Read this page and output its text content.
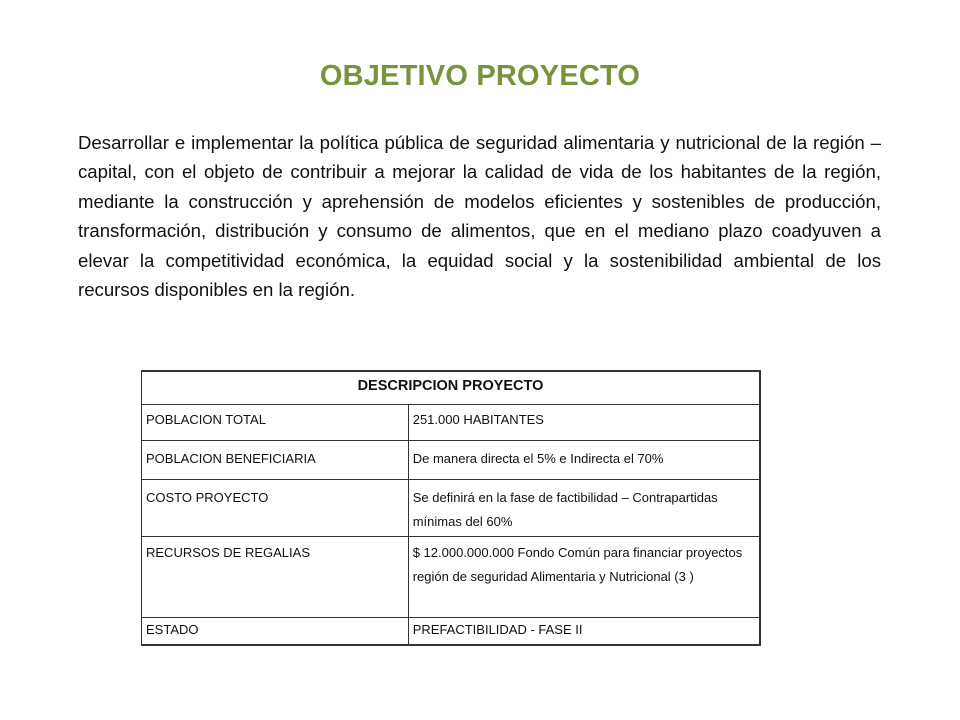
OBJETIVO PROYECTO

Desarrollar e implementar la política pública de seguridad alimentaria y nutricional de la región – capital, con el objeto de contribuir a mejorar la calidad de vida de los habitantes de la región, mediante la construcción y aprehensión de modelos eficientes y sostenibles de producción, transformación, distribución y consumo de alimentos, que en el mediano plazo coadyuven a elevar la competitividad económica, la equidad social y la sostenibilidad ambiental de los recursos disponibles en la región.

DESCRIPCION PROYECTO	
POBLACION TOTAL	251.000 HABITANTES
POBLACION BENEFICIARIA	De manera directa el 5% e Indirecta el 70%
COSTO PROYECTO	Se definirá en la fase de factibilidad – Contrapartidas mínimas del 60%
RECURSOS DE REGALIAS	$ 12.000.000.000 Fondo Común para financiar proyectos región de seguridad Alimentaria y Nutricional (3 )
ESTADO	PREFACTIBILIDAD - FASE II
